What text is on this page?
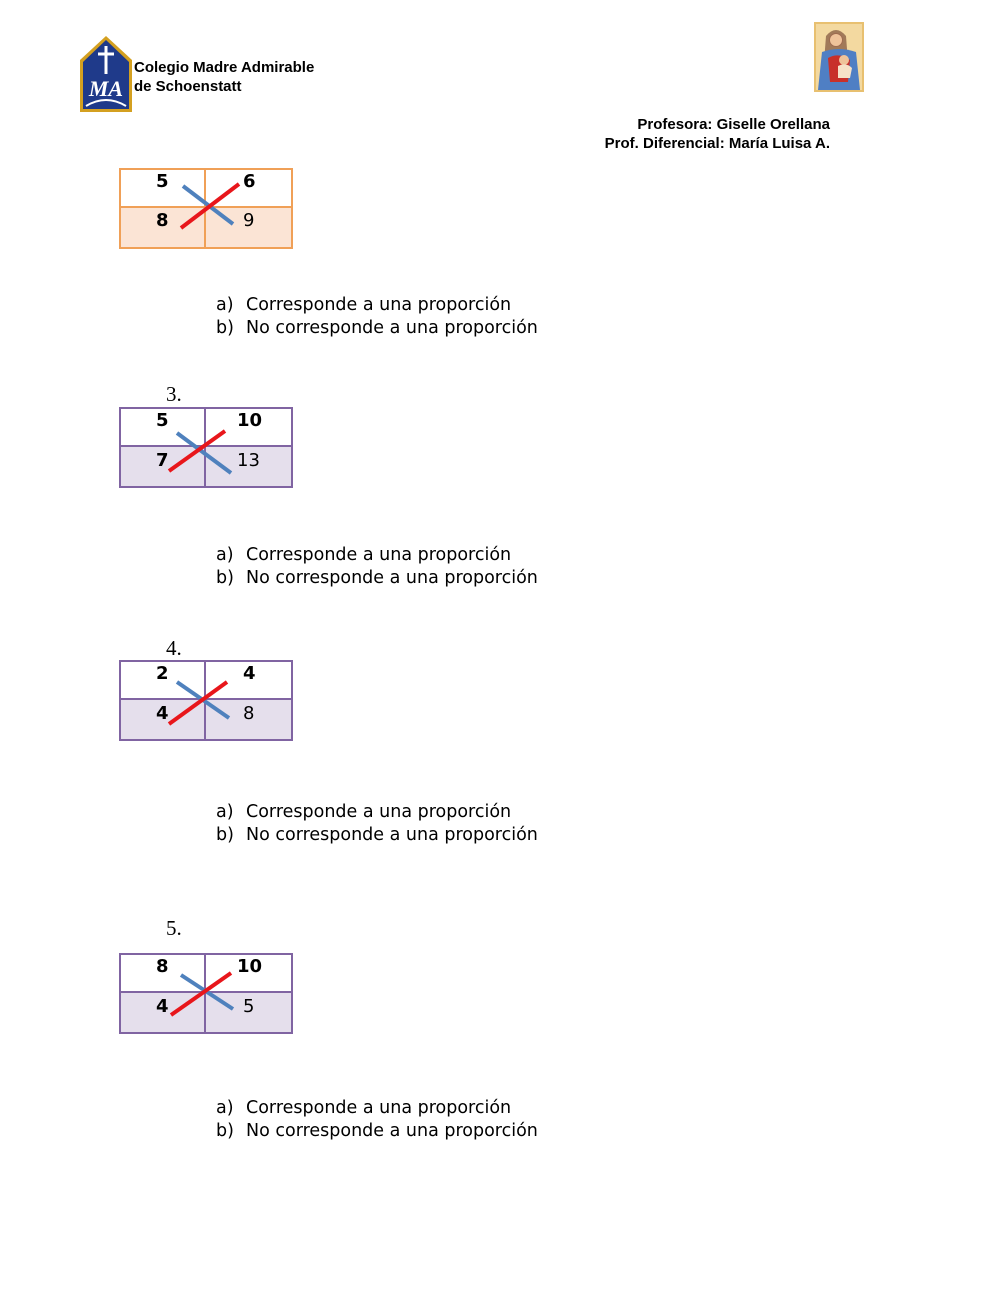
MA
Colegio Madre Admirable
de Schoenstatt
Profesora: Giselle Orellana
Prof. Diferencial: María Luisa A.
5	6
8	9
a) Corresponde a una proporción
b) No corresponde a una proporción
3.
5	10
7	13
a) Corresponde a una proporción
b) No corresponde a una proporción
4.
2	4
4	8
a) Corresponde a una proporción
b) No corresponde a una proporción
5.
8	10
4	5
a) Corresponde a una proporción
b) No corresponde a una proporción
